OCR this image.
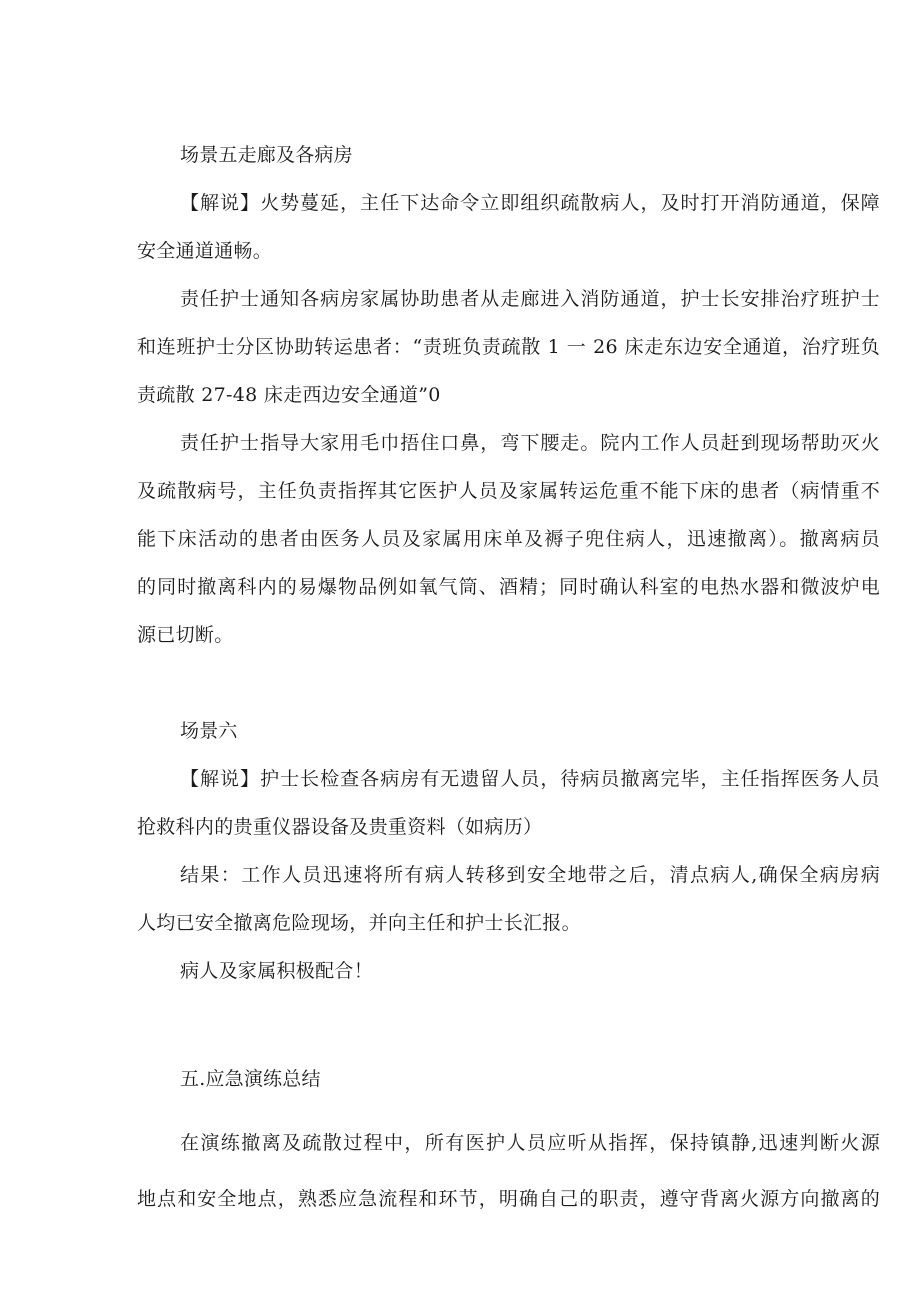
场景五走廊及各病房
【解说】火势蔓延，主任下达命令立即组织疏散病人，及时打开消防通道，保障
安全通道通畅。
责任护士通知各病房家属协助患者从走廊进入消防通道，护士长安排治疗班护士
和连班护士分区协助转运患者：“责班负责疏散 1 一 26 床走东边安全通道，治疗班负
责疏散 27-48 床走西边安全通道”0
责任护士指导大家用毛巾捂住口鼻，弯下腰走。院内工作人员赶到现场帮助灭火
及疏散病号，主任负责指挥其它医护人员及家属转运危重不能下床的患者（病情重不
能下床活动的患者由医务人员及家属用床单及褥子兜住病人，迅速撤离）。撤离病员
的同时撤离科内的易爆物品例如氧气筒、酒精；同时确认科室的电热水器和微波炉电
源已切断。
场景六
【解说】护士长检查各病房有无遗留人员，待病员撤离完毕，主任指挥医务人员
抢救科内的贵重仪器设备及贵重资料（如病历）
结果：工作人员迅速将所有病人转移到安全地带之后，清点病人,确保全病房病
人均已安全撤离危险现场，并向主任和护士长汇报。
病人及家属积极配合！
五.应急演练总结
在演练撤离及疏散过程中，所有医护人员应听从指挥，保持镇静,迅速判断火源
地点和安全地点，熟悉应急流程和环节，明确自己的职责，遵守背离火源方向撤离的
